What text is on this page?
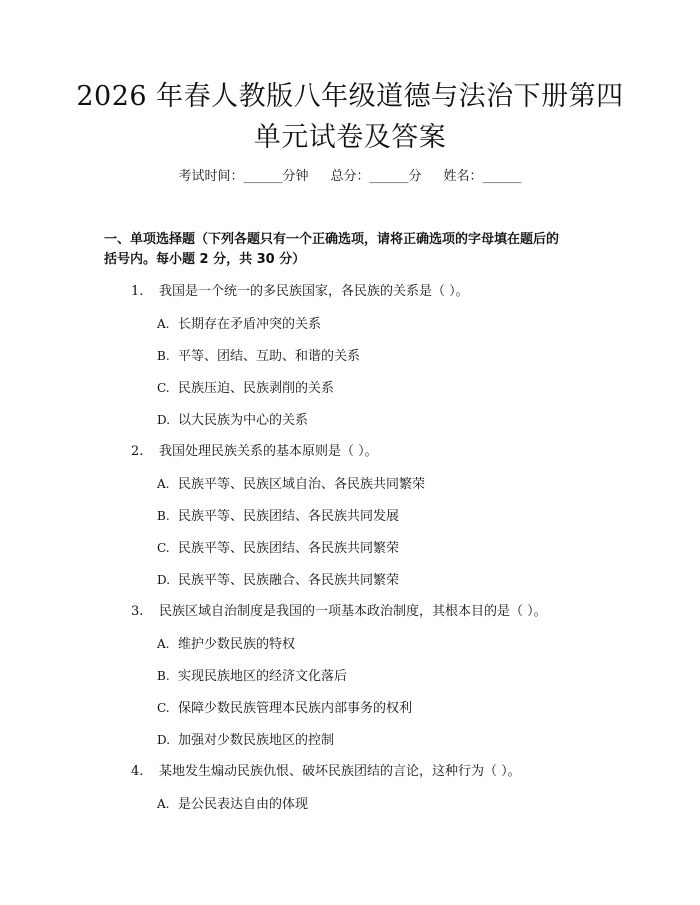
2026 年春人教版八年级道德与法治下册第四
单元试卷及答案
考试时间：______分钟 总分：______分 姓名：______
一、单项选择题（下列各题只有一个正确选项，请将正确选项的字母填在题后的
括号内。每小题 2 分，共 30 分）
1. 我国是一个统一的多民族国家，各民族的关系是（ ）。
A. 长期存在矛盾冲突的关系
B. 平等、团结、互助、和谐的关系
C. 民族压迫、民族剥削的关系
D. 以大民族为中心的关系
2. 我国处理民族关系的基本原则是（ ）。
A. 民族平等、民族区域自治、各民族共同繁荣
B. 民族平等、民族团结、各民族共同发展
C. 民族平等、民族团结、各民族共同繁荣
D. 民族平等、民族融合、各民族共同繁荣
3. 民族区域自治制度是我国的一项基本政治制度，其根本目的是（ ）。
A. 维护少数民族的特权
B. 实现民族地区的经济文化落后
C. 保障少数民族管理本民族内部事务的权利
D. 加强对少数民族地区的控制
4. 某地发生煽动民族仇恨、破坏民族团结的言论，这种行为（ ）。
A. 是公民表达自由的体现
